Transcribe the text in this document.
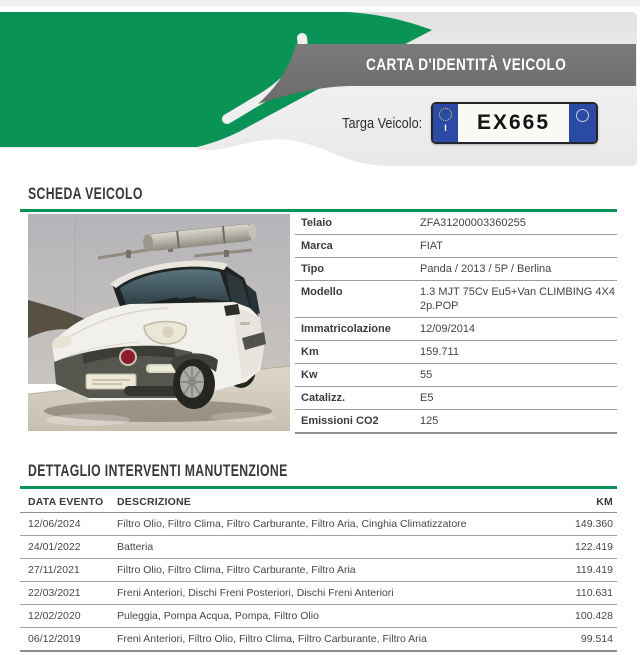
CARTA D'IDENTITÀ VEICOLO
Targa Veicolo: I	EX665
SCHEDA VEICOLO
Telaio	ZFA31200003360255
Marca	FIAT
Tipo	Panda / 2013 / 5P / Berlina
Modello	1.3 MJT 75Cv Eu5+Van CLIMBING 4X4 2p.POP
Immatricolazione	12/09/2014
Km	159.711
Kw	55
Catalizz.	E5
Emissioni CO2	125
DETTAGLIO INTERVENTI MANUTENZIONE
DATA EVENTO	DESCRIZIONE	KM
12/06/2024	Filtro Olio, Filtro Clima, Filtro Carburante, Filtro Aria, Cinghia Climatizzatore	149.360
24/01/2022	Batteria	122.419
27/11/2021	Filtro Olio, Filtro Clima, Filtro Carburante, Filtro Aria	119.419
22/03/2021	Freni Anteriori, Dischi Freni Posteriori, Dischi Freni Anteriori	110.631
12/02/2020	Puleggia, Pompa Acqua, Pompa, Filtro Olio	100.428
06/12/2019	Freni Anteriori, Filtro Olio, Filtro Clima, Filtro Carburante, Filtro Aria	99.514
